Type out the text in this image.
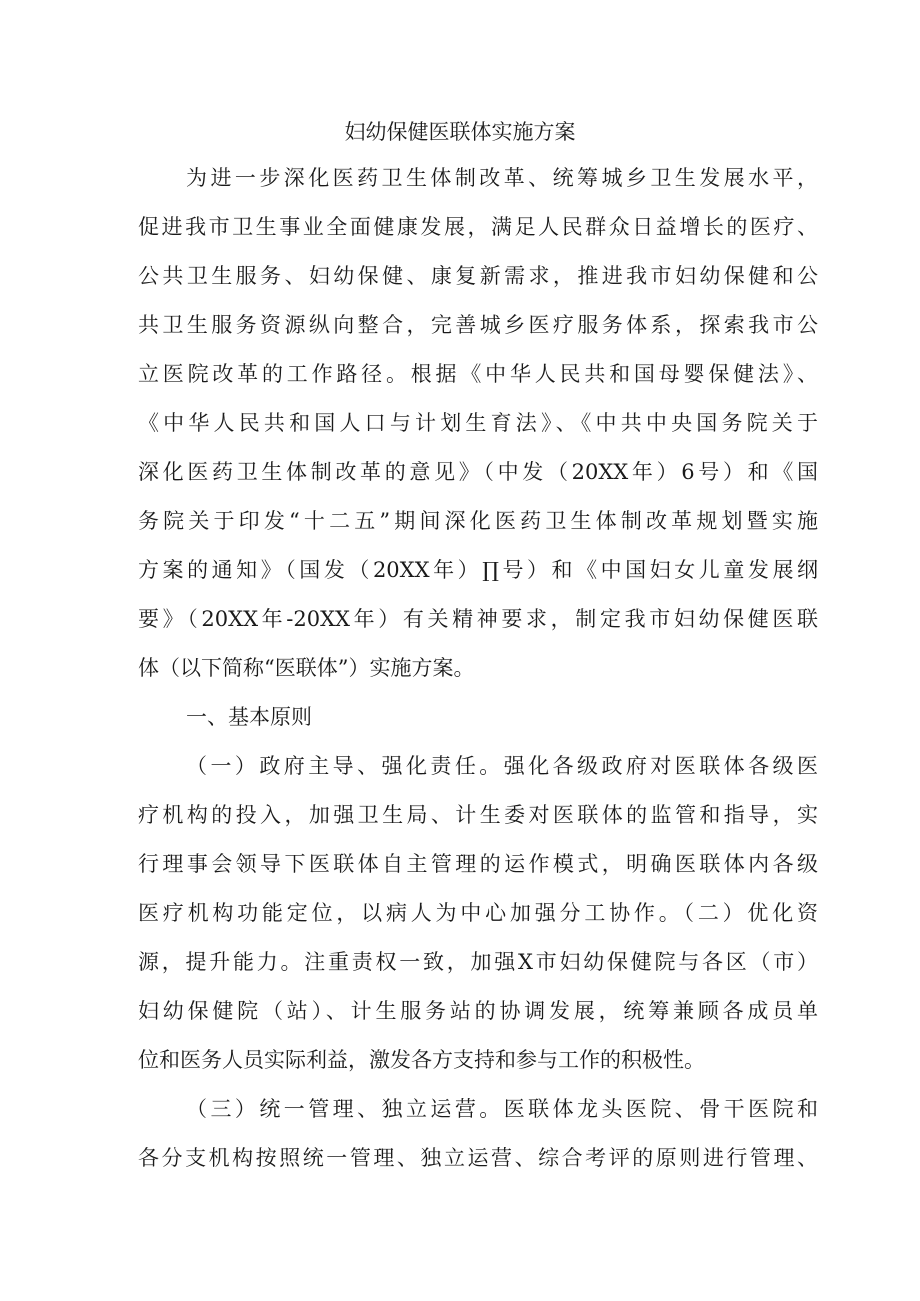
妇幼保健医联体实施方案
为进一步深化医药卫生体制改革、统筹城乡卫生发展水平，
促进我市卫生事业全面健康发展，满足人民群众日益增长的医疗、
公共卫生服务、妇幼保健、康复新需求，推进我市妇幼保健和公
共卫生服务资源纵向整合，完善城乡医疗服务体系，探索我市公
立医院改革的工作路径。根据《中华人民共和国母婴保健法》、
《中华人民共和国人口与计划生育法》、《中共中央国务院关于
深化医药卫生体制改革的意见》（中发（20XX年）6号）和《国
务院关于印发“十二五”期间深化医药卫生体制改革规划暨实施
方案的通知》（国发（20XX年）∏号）和《中国妇女儿童发展纲
要》（20XX年-20XX年）有关精神要求，制定我市妇幼保健医联
体（以下简称“医联体”）实施方案。
一、基本原则
（一）政府主导、强化责任。强化各级政府对医联体各级医
疗机构的投入，加强卫生局、计生委对医联体的监管和指导，实
行理事会领导下医联体自主管理的运作模式，明确医联体内各级
医疗机构功能定位，以病人为中心加强分工协作。（二）优化资
源，提升能力。注重责权一致，加强X市妇幼保健院与各区（市）
妇幼保健院（站）、计生服务站的协调发展，统筹兼顾各成员单
位和医务人员实际利益，激发各方支持和参与工作的积极性。
（三）统一管理、独立运营。医联体龙头医院、骨干医院和
各分支机构按照统一管理、独立运营、综合考评的原则进行管理、
